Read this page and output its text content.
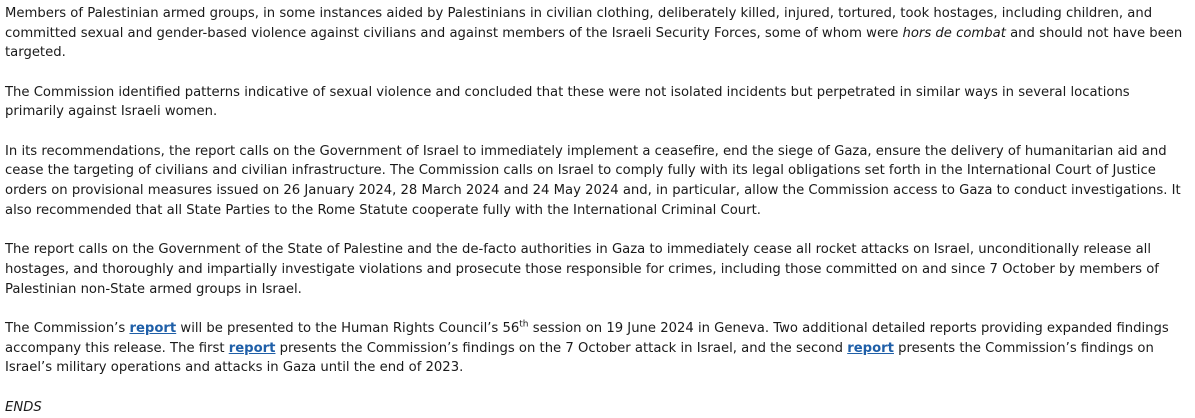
Members of Palestinian armed groups, in some instances aided by Palestinians in civilian clothing, deliberately killed, injured, tortured, took hostages, including children, and committed sexual and gender-based violence against civilians and against members of the Israeli Security Forces, some of whom were hors de combat and should not have been targeted.

The Commission identified patterns indicative of sexual violence and concluded that these were not isolated incidents but perpetrated in similar ways in several locations primarily against Israeli women.

In its recommendations, the report calls on the Government of Israel to immediately implement a ceasefire, end the siege of Gaza, ensure the delivery of humanitarian aid and cease the targeting of civilians and civilian infrastructure. The Commission calls on Israel to comply fully with its legal obligations set forth in the International Court of Justice orders on provisional measures issued on 26 January 2024, 28 March 2024 and 24 May 2024 and, in particular, allow the Commission access to Gaza to conduct investigations. It also recommended that all State Parties to the Rome Statute cooperate fully with the International Criminal Court.

The report calls on the Government of the State of Palestine and the de-facto authorities in Gaza to immediately cease all rocket attacks on Israel, unconditionally release all hostages, and thoroughly and impartially investigate violations and prosecute those responsible for crimes, including those committed on and since 7 October by members of Palestinian non-State armed groups in Israel.

The Commission’s report will be presented to the Human Rights Council’s 56th session on 19 June 2024 in Geneva. Two additional detailed reports providing expanded findings accompany this release. The first report presents the Commission’s findings on the 7 October attack in Israel, and the second report presents the Commission’s findings on Israel’s military operations and attacks in Gaza until the end of 2023.

ENDS
